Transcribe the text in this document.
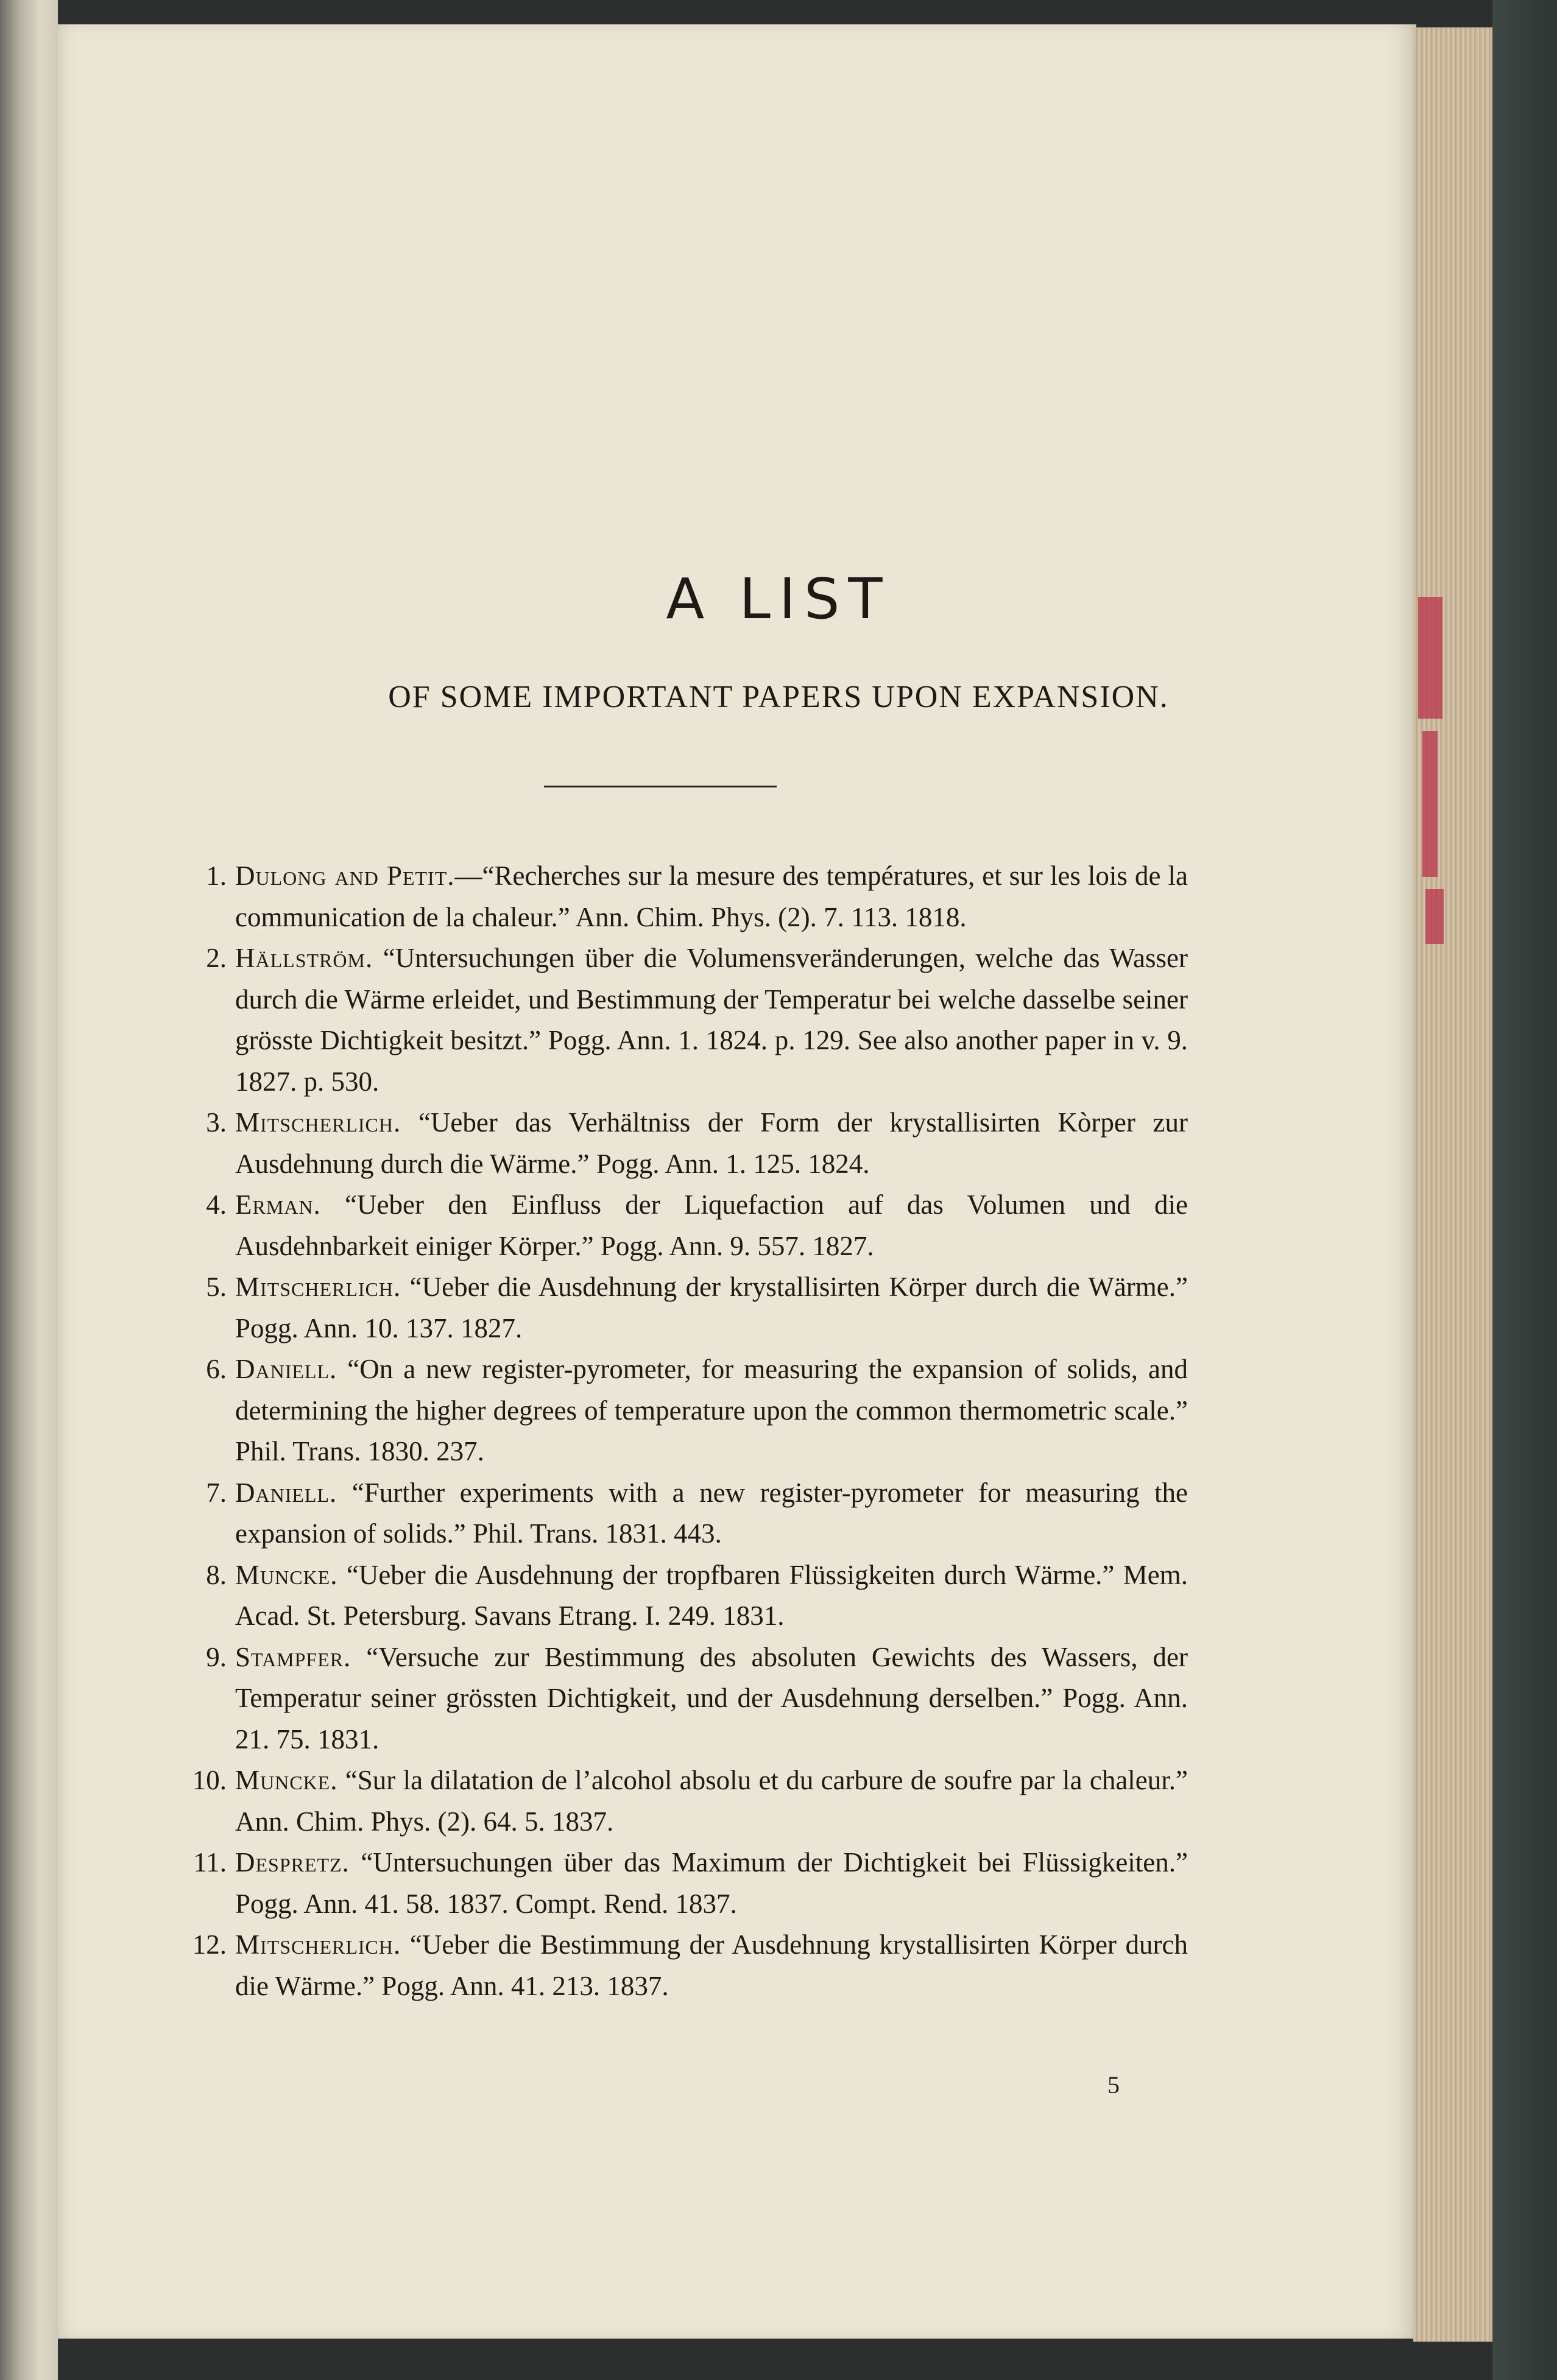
A LIST
OF SOME IMPORTANT PAPERS UPON EXPANSION.
1. Dulong and Petit.—“Recherches sur la mesure des températures, et sur les lois de la communication de la chaleur.” Ann. Chim. Phys. (2). 7. 113. 1818.
2. Hällström. “Untersuchungen über die Volumensveränderungen, welche das Wasser durch die Wärme erleidet, und Bestimmung der Temperatur bei welche dasselbe seiner grösste Dichtigkeit besitzt.” Pogg. Ann. 1. 1824. p. 129. See also another paper in v. 9. 1827. p. 530.
3. Mitscherlich. “Ueber das Verhältniss der Form der krystallisirten Kòrper zur Ausdehnung durch die Wärme.” Pogg. Ann. 1. 125. 1824.
4. Erman. “Ueber den Einfluss der Liquefaction auf das Volumen und die Ausdehnbarkeit einiger Körper.” Pogg. Ann. 9. 557. 1827.
5. Mitscherlich. “Ueber die Ausdehnung der krystallisirten Körper durch die Wärme.” Pogg. Ann. 10. 137. 1827.
6. Daniell. “On a new register-pyrometer, for measuring the expansion of solids, and determining the higher degrees of temperature upon the common thermometric scale.” Phil. Trans. 1830. 237.
7. Daniell. “Further experiments with a new register-pyrometer for measuring the expansion of solids.” Phil. Trans. 1831. 443.
8. Muncke. “Ueber die Ausdehnung der tropfbaren Flüssigkeiten durch Wärme.” Mem. Acad. St. Petersburg. Savans Etrang. I. 249. 1831.
9. Stampfer. “Versuche zur Bestimmung des absoluten Gewichts des Wassers, der Temperatur seiner grössten Dichtigkeit, und der Ausdehnung derselben.” Pogg. Ann. 21. 75. 1831.
10. Muncke. “Sur la dilatation de l’alcohol absolu et du carbure de soufre par la chaleur.” Ann. Chim. Phys. (2). 64. 5. 1837.
11. Despretz. “Untersuchungen über das Maximum der Dichtigkeit bei Flüssigkeiten.” Pogg. Ann. 41. 58. 1837. Compt. Rend. 1837.
12. Mitscherlich. “Ueber die Bestimmung der Ausdehnung krystallisirten Körper durch die Wärme.” Pogg. Ann. 41. 213. 1837.
5
